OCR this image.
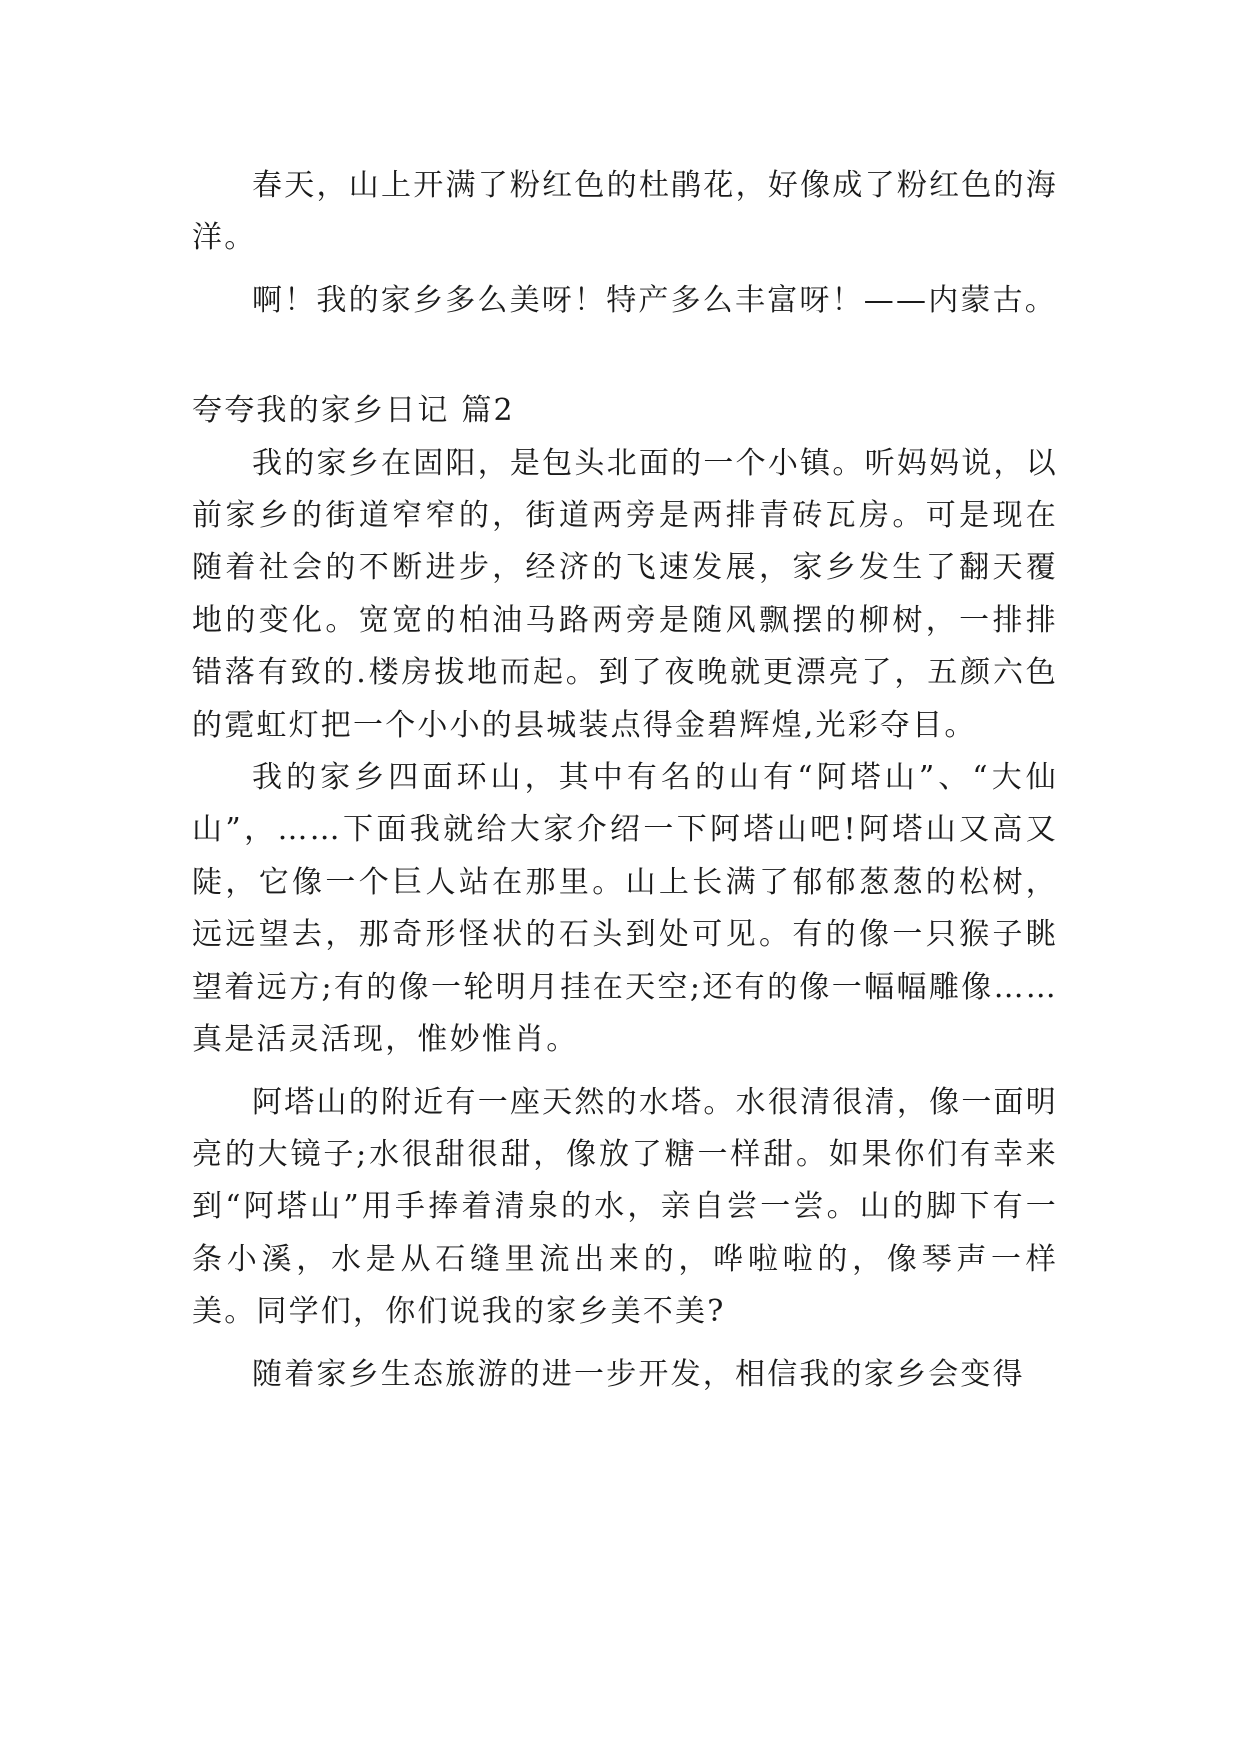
春天，山上开满了粉红色的杜鹃花，好像成了粉红色的海洋。

啊！我的家乡多么美呀！特产多么丰富呀！——内蒙古。

夸夸我的家乡日记 篇2

我的家乡在固阳，是包头北面的一个小镇。听妈妈说，以前家乡的街道窄窄的，街道两旁是两排青砖瓦房。可是现在随着社会的不断进步，经济的飞速发展，家乡发生了翻天覆地的变化。宽宽的柏油马路两旁是随风飘摆的柳树，一排排错落有致的.楼房拔地而起。到了夜晚就更漂亮了，五颜六色的霓虹灯把一个小小的县城装点得金碧辉煌,光彩夺目。

我的家乡四面环山，其中有名的山有“阿塔山”、“大仙山”，……下面我就给大家介绍一下阿塔山吧!阿塔山又高又陡，它像一个巨人站在那里。山上长满了郁郁葱葱的松树，远远望去，那奇形怪状的石头到处可见。有的像一只猴子眺望着远方;有的像一轮明月挂在天空;还有的像一幅幅雕像……真是活灵活现，惟妙惟肖。

阿塔山的附近有一座天然的水塔。水很清很清，像一面明亮的大镜子;水很甜很甜，像放了糖一样甜。如果你们有幸来到“阿塔山”用手捧着清泉的水，亲自尝一尝。山的脚下有一条小溪，水是从石缝里流出来的，哗啦啦的，像琴声一样美。同学们，你们说我的家乡美不美?

随着家乡生态旅游的进一步开发，相信我的家乡会变得
